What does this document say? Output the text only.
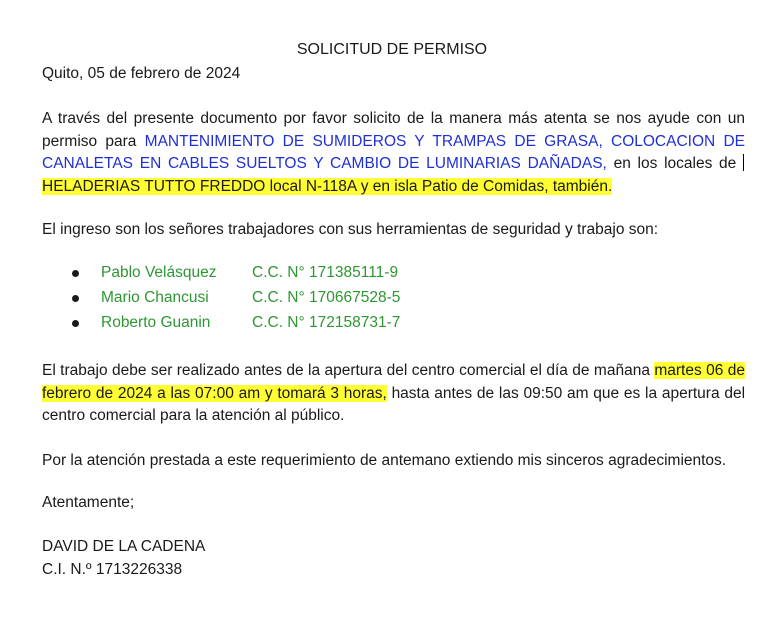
SOLICITUD DE PERMISO
Quito, 05 de febrero de 2024
A través del presente documento por favor solicito de la manera más atenta se nos ayude con un permiso para MANTENIMIENTO DE SUMIDEROS Y TRAMPAS DE GRASA, COLOCACION DE CANALETAS EN CABLES SUELTOS Y CAMBIO DE LUMINARIAS DAÑADAS, en los locales de HELADERIAS TUTTO FREDDO local N-118A y en isla Patio de Comidas, también.
El ingreso son los señores trabajadores con sus herramientas de seguridad y trabajo son:
Pablo Velásquez C.C. N° 171385111-9
Mario Chancusi	C.C. N° 170667528-5
Roberto Guanin	C.C. N° 172158731-7
El trabajo debe ser realizado antes de la apertura del centro comercial el día de mañana martes 06 de febrero de 2024 a las 07:00 am y tomará 3 horas, hasta antes de las 09:50 am que es la apertura del centro comercial para la atención al público.
Por la atención prestada a este requerimiento de antemano extiendo mis sinceros agradecimientos.
Atentamente;
DAVID DE LA CADENA
C.I. N.º 1713226338
